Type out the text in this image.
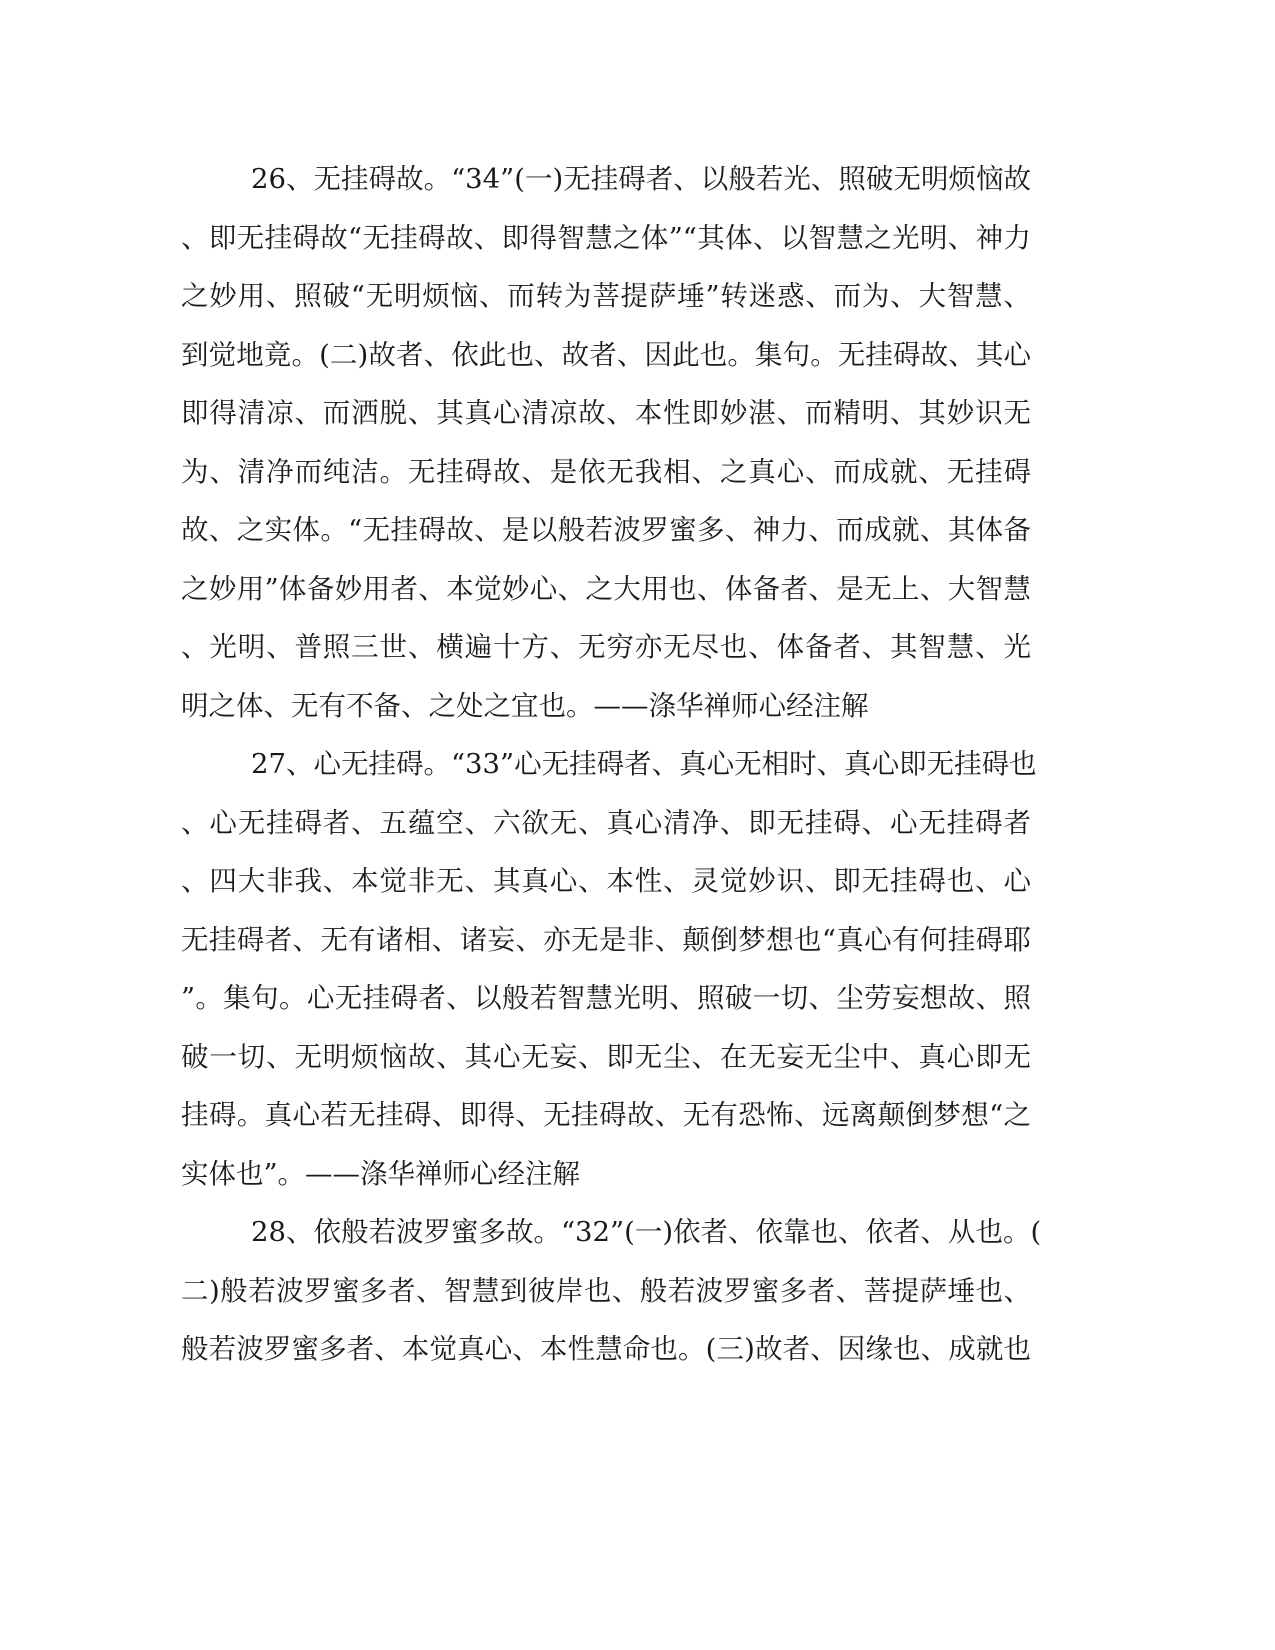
26、无挂碍故。“34”(一)无挂碍者、以般若光、照破无明烦恼故
、即无挂碍故“无挂碍故、即得智慧之体”“其体、以智慧之光明、神力
之妙用、照破“无明烦恼、而转为菩提萨埵”转迷惑、而为、大智慧、
到觉地竟。(二)故者、依此也、故者、因此也。集句。无挂碍故、其心
即得清凉、而洒脱、其真心清凉故、本性即妙湛、而精明、其妙识无
为、清净而纯洁。无挂碍故、是依无我相、之真心、而成就、无挂碍
故、之实体。“无挂碍故、是以般若波罗蜜多、神力、而成就、其体备
之妙用”体备妙用者、本觉妙心、之大用也、体备者、是无上、大智慧
、光明、普照三世、横遍十方、无穷亦无尽也、体备者、其智慧、光
明之体、无有不备、之处之宜也。——涤华禅师心经注解
27、心无挂碍。“33”心无挂碍者、真心无相时、真心即无挂碍也
、心无挂碍者、五蕴空、六欲无、真心清净、即无挂碍、心无挂碍者
、四大非我、本觉非无、其真心、本性、灵觉妙识、即无挂碍也、心
无挂碍者、无有诸相、诸妄、亦无是非、颠倒梦想也“真心有何挂碍耶
”。集句。心无挂碍者、以般若智慧光明、照破一切、尘劳妄想故、照
破一切、无明烦恼故、其心无妄、即无尘、在无妄无尘中、真心即无
挂碍。真心若无挂碍、即得、无挂碍故、无有恐怖、远离颠倒梦想“之
实体也”。——涤华禅师心经注解
28、依般若波罗蜜多故。“32”(一)依者、依靠也、依者、从也。(
二)般若波罗蜜多者、智慧到彼岸也、般若波罗蜜多者、菩提萨埵也、
般若波罗蜜多者、本觉真心、本性慧命也。(三)故者、因缘也、成就也
